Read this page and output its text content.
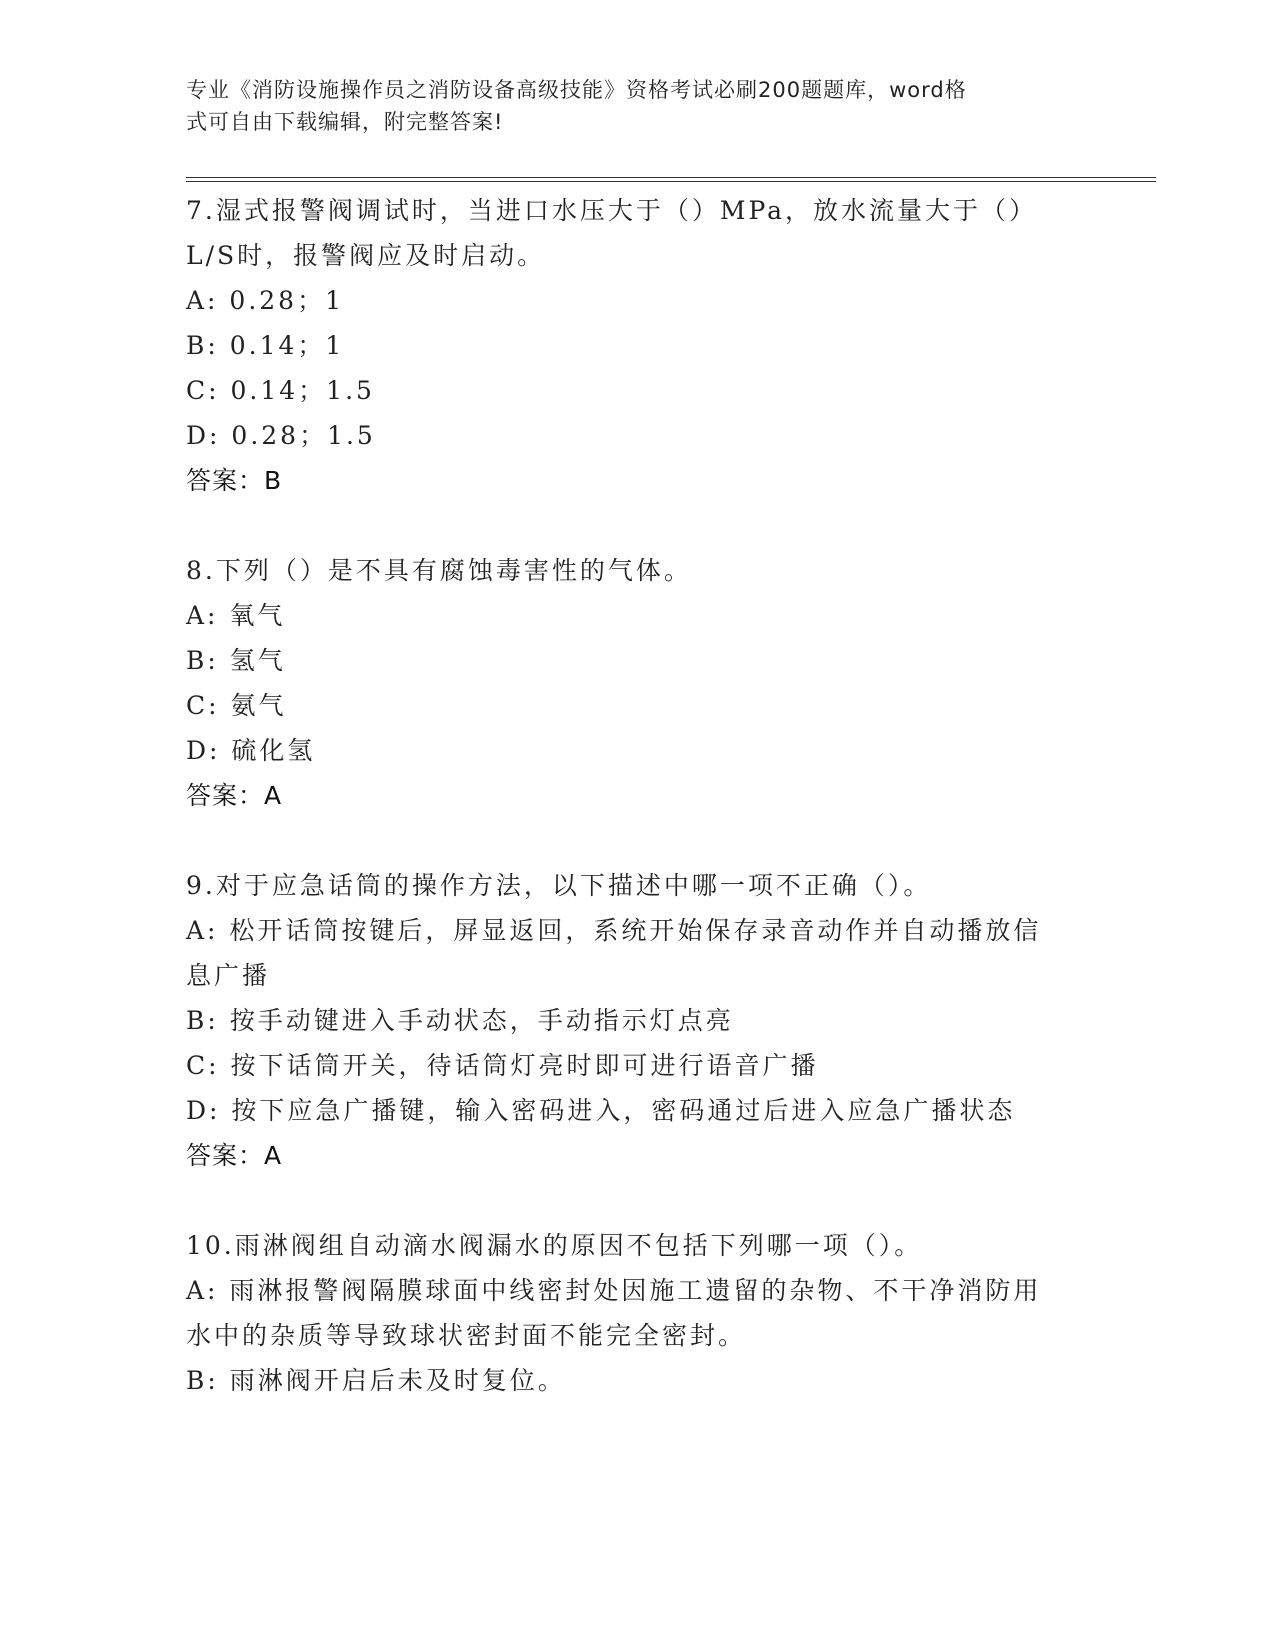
专业《消防设施操作员之消防设备高级技能》资格考试必刷200题题库，word格
式可自由下载编辑，附完整答案!
7.湿式报警阀调试时，当进口水压大于（）MPa，放水流量大于（）
L/S时，报警阀应及时启动。
A: 0.28；1
B: 0.14；1
C: 0.14；1.5
D: 0.28；1.5
答案：B
8.下列（）是不具有腐蚀毒害性的气体。
A: 氧气
B: 氢气
C: 氨气
D: 硫化氢
答案：A
9.对于应急话筒的操作方法，以下描述中哪一项不正确（）。
A: 松开话筒按键后，屏显返回，系统开始保存录音动作并自动播放信
息广播
B: 按手动键进入手动状态，手动指示灯点亮
C: 按下话筒开关，待话筒灯亮时即可进行语音广播
D: 按下应急广播键，输入密码进入，密码通过后进入应急广播状态
答案：A
10.雨淋阀组自动滴水阀漏水的原因不包括下列哪一项（）。
A: 雨淋报警阀隔膜球面中线密封处因施工遗留的杂物、不干净消防用
水中的杂质等导致球状密封面不能完全密封。
B: 雨淋阀开启后未及时复位。
